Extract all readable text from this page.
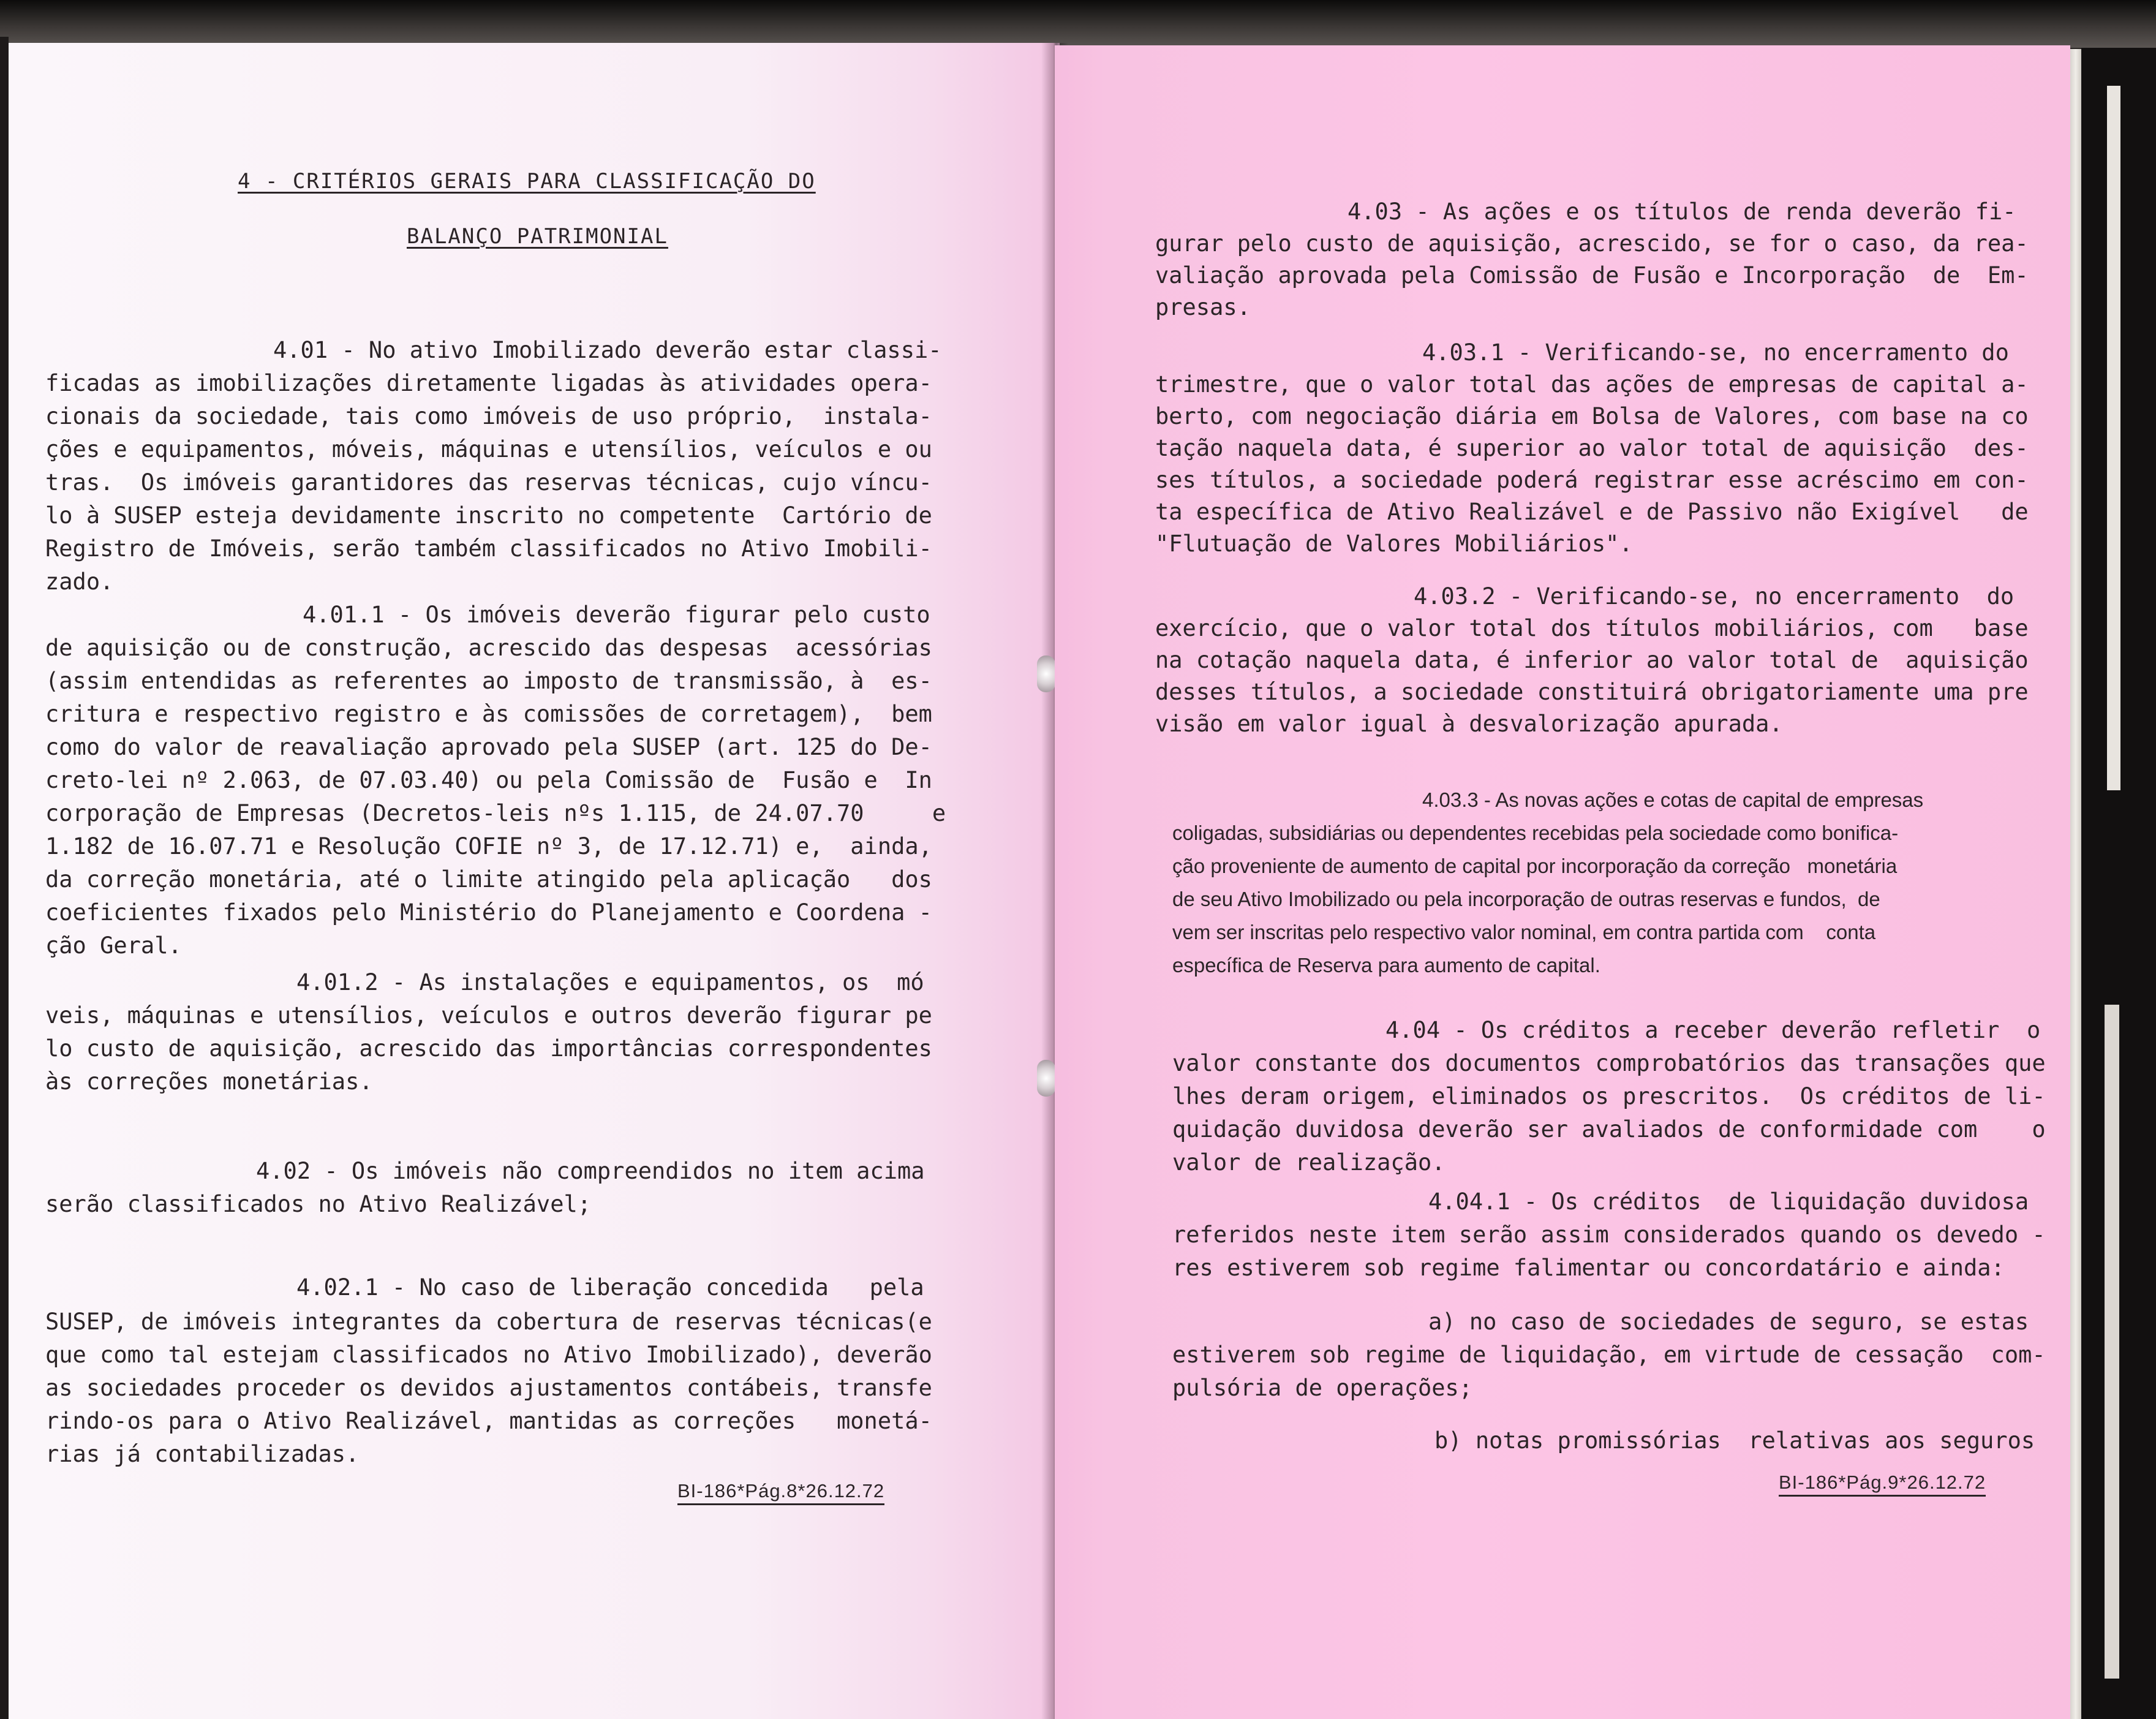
4 - CRITÉRIOS GERAIS PARA CLASSIFICAÇÃO DO
BALANÇO PATRIMONIAL
4.01 - No ativo Imobilizado deverão estar classi-
ficadas as imobilizações diretamente ligadas às atividades opera-
cionais da sociedade, tais como imóveis de uso próprio,  instala-
ções e equipamentos, móveis, máquinas e utensílios, veículos e ou
tras.  Os imóveis garantidores das reservas técnicas, cujo víncu-
lo à SUSEP esteja devidamente inscrito no competente  Cartório de
Registro de Imóveis, serão também classificados no Ativo Imobili-
zado.
4.01.1 - Os imóveis deverão figurar pelo custo
de aquisição ou de construção, acrescido das despesas  acessórias
(assim entendidas as referentes ao imposto de transmissão, à  es-
critura e respectivo registro e às comissões de corretagem),  bem
como do valor de reavaliação aprovado pela SUSEP (art. 125 do De-
creto-lei nº 2.063, de 07.03.40) ou pela Comissão de  Fusão e  In
corporação de Empresas (Decretos-leis nºs 1.115, de 24.07.70     e
1.182 de 16.07.71 e Resolução COFIE nº 3, de 17.12.71) e,  ainda,
da correção monetária, até o limite atingido pela aplicação   dos
coeficientes fixados pelo Ministério do Planejamento e Coordena -
ção Geral.
4.01.2 - As instalações e equipamentos, os  mó
veis, máquinas e utensílios, veículos e outros deverão figurar pe
lo custo de aquisição, acrescido das importâncias correspondentes
às correções monetárias.
4.02 - Os imóveis não compreendidos no item acima
serão classificados no Ativo Realizável;
4.02.1 - No caso de liberação concedida   pela
SUSEP, de imóveis integrantes da cobertura de reservas técnicas(e
que como tal estejam classificados no Ativo Imobilizado), deverão
as sociedades proceder os devidos ajustamentos contábeis, transfe
rindo-os para o Ativo Realizável, mantidas as correções   monetá-
rias já contabilizadas.
BI-186*Pág.8*26.12.72
4.03 - As ações e os títulos de renda deverão fi-
gurar pelo custo de aquisição, acrescido, se for o caso, da rea-
valiação aprovada pela Comissão de Fusão e Incorporação  de  Em-
presas.
4.03.1 - Verificando-se, no encerramento do
trimestre, que o valor total das ações de empresas de capital a-
berto, com negociação diária em Bolsa de Valores, com base na co
tação naquela data, é superior ao valor total de aquisição  des-
ses títulos, a sociedade poderá registrar esse acréscimo em con-
ta específica de Ativo Realizável e de Passivo não Exigível   de
"Flutuação de Valores Mobiliários".
4.03.2 - Verificando-se, no encerramento  do
exercício, que o valor total dos títulos mobiliários, com   base
na cotação naquela data, é inferior ao valor total de  aquisição
desses títulos, a sociedade constituirá obrigatoriamente uma pre
visão em valor igual à desvalorização apurada.
4.03.3 - As novas ações e cotas de capital de empresas
coligadas, subsidiárias ou dependentes recebidas pela sociedade como bonifica-
ção proveniente de aumento de capital por incorporação da correção   monetária
de seu Ativo Imobilizado ou pela incorporação de outras reservas e fundos,  de
vem ser inscritas pelo respectivo valor nominal, em contra partida com    conta
específica de Reserva para aumento de capital.
4.04 - Os créditos a receber deverão refletir  o
valor constante dos documentos comprobatórios das transações que
lhes deram origem, eliminados os prescritos.  Os créditos de li-
quidação duvidosa deverão ser avaliados de conformidade com    o
valor de realização.
4.04.1 - Os créditos  de liquidação duvidosa
referidos neste item serão assim considerados quando os devedo -
res estiverem sob regime falimentar ou concordatário e ainda:
a) no caso de sociedades de seguro, se estas
estiverem sob regime de liquidação, em virtude de cessação  com-
pulsória de operações;
b) notas promissórias  relativas aos seguros
BI-186*Pág.9*26.12.72
